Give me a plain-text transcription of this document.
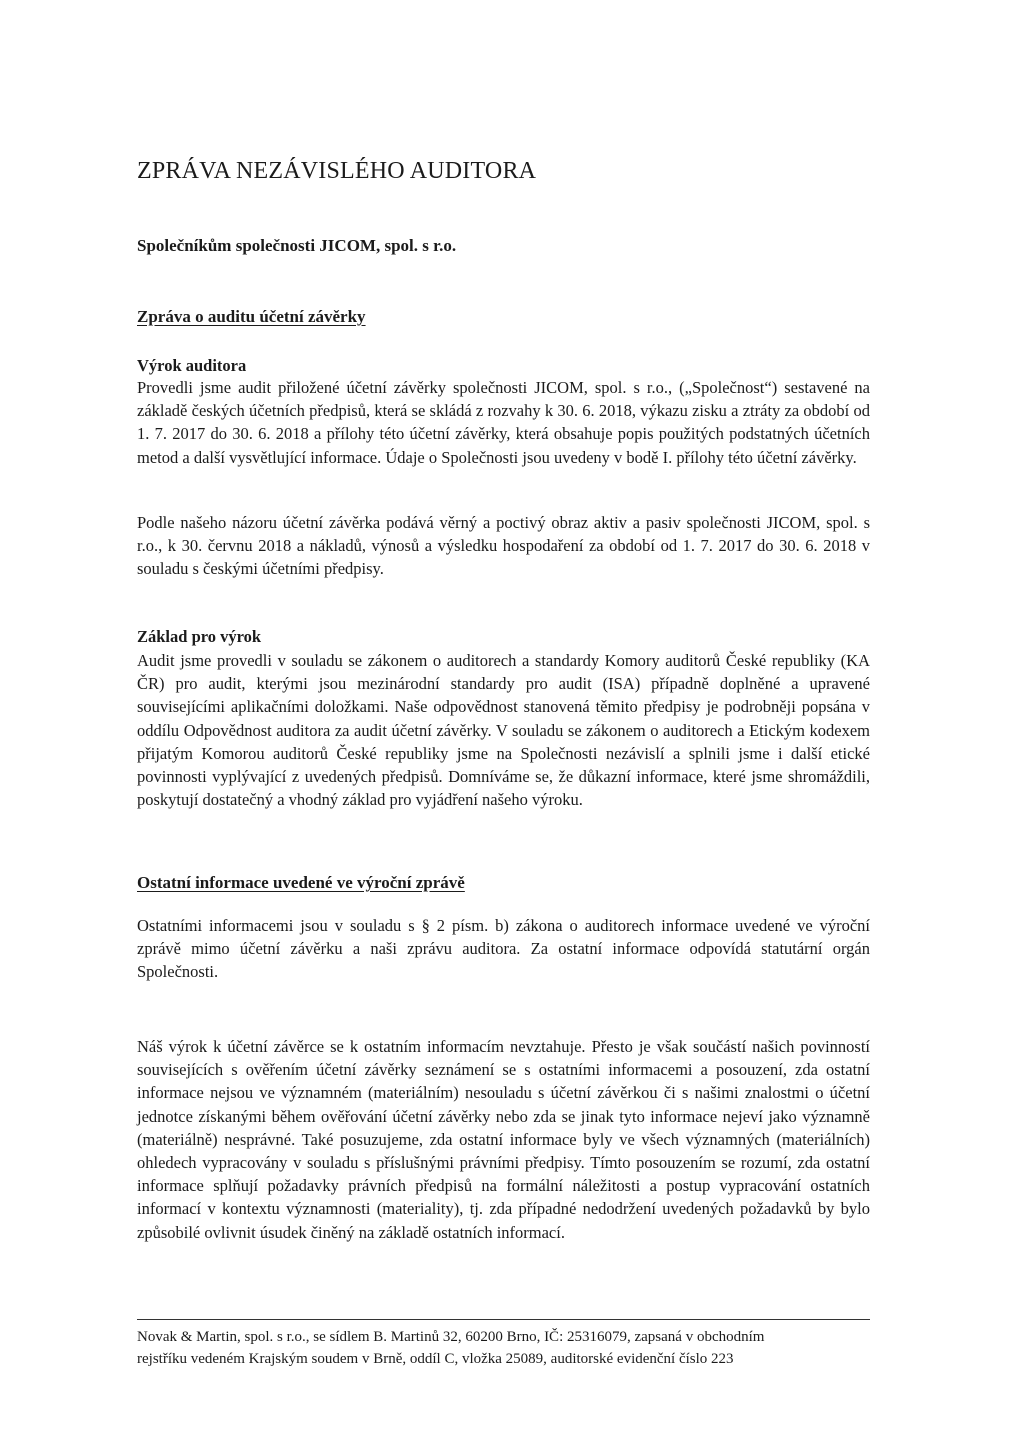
ZPRÁVA NEZÁVISLÉHO AUDITORA
Společníkům společnosti JICOM, spol. s r.o.
Zpráva o auditu účetní závěrky
Výrok auditora

Provedli jsme audit přiložené účetní závěrky společnosti JICOM, spol. s r.o., („Společnost“) sestavené na základě českých účetních předpisů, která se skládá z rozvahy k 30. 6. 2018, výkazu zisku a ztráty za období od 1. 7. 2017 do 30. 6. 2018 a přílohy této účetní závěrky, která obsahuje popis použitých podstatných účetních metod a další vysvětlující informace. Údaje o Společnosti jsou uvedeny v bodě I. přílohy této účetní závěrky.

Podle našeho názoru účetní závěrka podává věrný a poctivý obraz aktiv a pasiv společnosti JICOM, spol. s r.o., k 30. červnu 2018 a nákladů, výnosů a výsledku hospodaření za období od 1. 7. 2017 do 30. 6. 2018 v souladu s českými účetními předpisy.

Základ pro výrok

Audit jsme provedli v souladu se zákonem o auditorech a standardy Komory auditorů České republiky (KA ČR) pro audit, kterými jsou mezinárodní standardy pro audit (ISA) případně doplněné a upravené souvisejícími aplikačními doložkami. Naše odpovědnost stanovená těmito předpisy je podrobněji popsána v oddílu Odpovědnost auditora za audit účetní závěrky. V souladu se zákonem o auditorech a Etickým kodexem přijatým Komorou auditorů České republiky jsme na Společnosti nezávislí a splnili jsme i další etické povinnosti vyplývající z uvedených předpisů. Domníváme se, že důkazní informace, které jsme shromáždili, poskytují dostatečný a vhodný základ pro vyjádření našeho výroku.

Ostatní informace uvedené ve výroční zprávě

Ostatními informacemi jsou v souladu s § 2 písm. b) zákona o auditorech informace uvedené ve výroční zprávě mimo účetní závěrku a naši zprávu auditora. Za ostatní informace odpovídá statutární orgán Společnosti.

Náš výrok k účetní závěrce se k ostatním informacím nevztahuje. Přesto je však součástí našich povinností souvisejících s ověřením účetní závěrky seznámení se s ostatními informacemi a posouzení, zda ostatní informace nejsou ve významném (materiálním) nesouladu s účetní závěrkou či s našimi znalostmi o účetní jednotce získanými během ověřování účetní závěrky nebo zda se jinak tyto informace nejeví jako významně (materiálně) nesprávné. Také posuzujeme, zda ostatní informace byly ve všech významných (materiálních) ohledech vypracovány v souladu s příslušnými právními předpisy. Tímto posouzením se rozumí, zda ostatní informace splňují požadavky právních předpisů na formální náležitosti a postup vypracování ostatních informací v kontextu významnosti (materiality), tj. zda případné nedodržení uvedených požadavků by bylo způsobilé ovlivnit úsudek činěný na základě ostatních informací.

Novak & Martin, spol. s r.o., se sídlem B. Martinů 32, 60200 Brno, IČ: 25316079, zapsaná v obchodním
rejstříku vedeném Krajským soudem v Brně, oddíl C, vložka 25089, auditorské evidenční číslo 223
